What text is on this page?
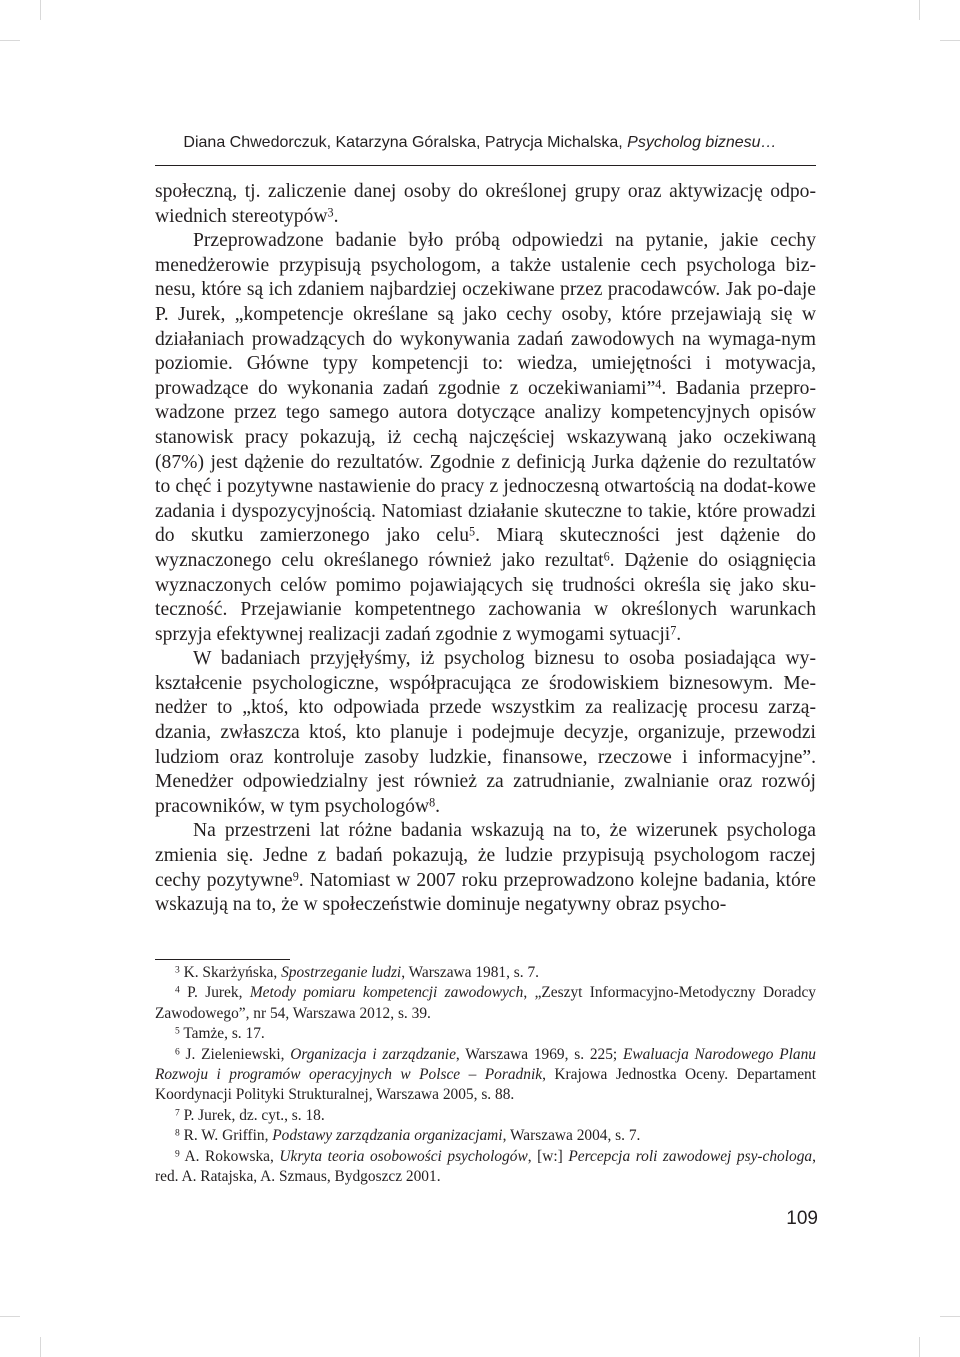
Diana Chwedorczuk, Katarzyna Góralska, Patrycja Michalska, Psycholog biznesu…

społeczną, tj. zaliczenie danej osoby do określonej grupy oraz aktywizację odpo-wiednich stereotypów$^3$.

Przeprowadzone badanie było próbą odpowiedzi na pytanie, jakie cechy menedżerowie przypisują psychologom, a także ustalenie cech psychologa biz-nesu, które są ich zdaniem najbardziej oczekiwane przez pracodawców. Jak po-daje P. Jurek, „kompetencje określane są jako cechy osoby, które przejawiają się w działaniach prowadzących do wykonywania zadań zawodowych na wymaga-nym poziomie. Główne typy kompetencji to: wiedza, umiejętności i motywacja, prowadzące do wykonania zadań zgodnie z oczekiwaniami”$^4$. Badania przepro-wadzone przez tego samego autora dotyczące analizy kompetencyjnych opisów stanowisk pracy pokazują, iż cechą najczęściej wskazywaną jako oczekiwaną (87%) jest dążenie do rezultatów. Zgodnie z definicją Jurka dążenie do rezultatów to chęć i pozytywne nastawienie do pracy z jednoczesną otwartością na dodat-kowe zadania i dyspozycyjnością. Natomiast działanie skuteczne to takie, które prowadzi do skutku zamierzonego jako celu$^5$. Miarą skuteczności jest dążenie do wyznaczonego celu określanego również jako rezultat$^6$. Dążenie do osiągnięcia wyznaczonych celów pomimo pojawiających się trudności określa się jako sku-teczność. Przejawianie kompetentnego zachowania w określonych warunkach sprzyja efektywnej realizacji zadań zgodnie z wymogami sytuacji$^7$.

W badaniach przyjęłyśmy, iż psycholog biznesu to osoba posiadająca wy-kształcenie psychologiczne, współpracująca ze środowiskiem biznesowym. Me-nedżer to „ktoś, kto odpowiada przede wszystkim za realizację procesu zarzą-dzania, zwłaszcza ktoś, kto planuje i podejmuje decyzje, organizuje, przewodzi ludziom oraz kontroluje zasoby ludzkie, finansowe, rzeczowe i informacyjne”. Menedżer odpowiedzialny jest również za zatrudnianie, zwalnianie oraz rozwój pracowników, w tym psychologów$^8$.

Na przestrzeni lat różne badania wskazują na to, że wizerunek psychologa zmienia się. Jedne z badań pokazują, że ludzie przypisują psychologom raczej cechy pozytywne$^9$. Natomiast w 2007 roku przeprowadzono kolejne badania, które wskazują na to, że w społeczeństwie dominuje negatywny obraz psycho-

$^3$ K. Skarżyńska, Spostrzeganie ludzi, Warszawa 1981, s. 7.

$^4$ P. Jurek, Metody pomiaru kompetencji zawodowych, „Zeszyt Informacyjno-Metodyczny Doradcy Zawodowego”, nr 54, Warszawa 2012, s. 39.

$^5$ Tamże, s. 17.

$^6$ J. Zieleniewski, Organizacja i zarządzanie, Warszawa 1969, s. 225; Ewaluacja Narodowego Planu Rozwoju i programów operacyjnych w Polsce – Poradnik, Krajowa Jednostka Oceny. Departament Koordynacji Polityki Strukturalnej, Warszawa 2005, s. 88.

$^7$ P. Jurek, dz. cyt., s. 18.

$^8$ R. W. Griffin, Podstawy zarządzania organizacjami, Warszawa 2004, s. 7.

$^9$ A. Rokowska, Ukryta teoria osobowości psychologów, [w:] Percepcja roli zawodowej psy-chologa, red. A. Ratajska, A. Szmaus, Bydgoszcz 2001.

109
